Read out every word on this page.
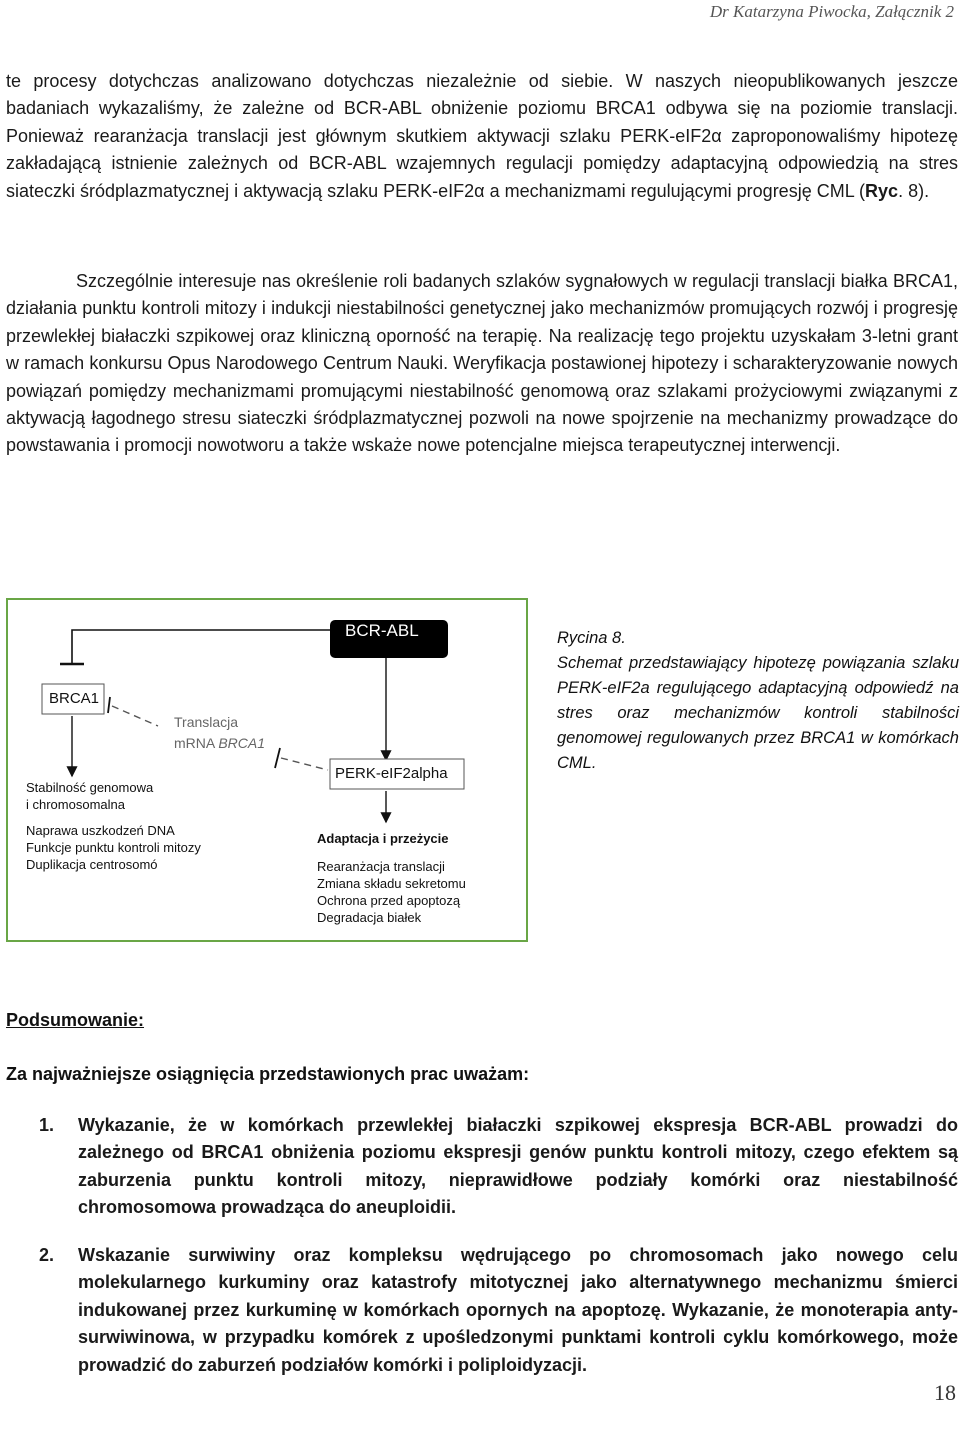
Dr Katarzyna Piwocka, Załącznik 2

te procesy dotychczas analizowano dotychczas niezależnie od siebie. W naszych nieopublikowanych jeszcze badaniach wykazaliśmy, że zależne od BCR-ABL obniżenie poziomu BRCA1 odbywa się na poziomie translacji. Ponieważ rearanżacja translacji jest głównym skutkiem aktywacji szlaku PERK-eIF2α zaproponowaliśmy hipotezę zakładającą istnienie zależnych od BCR-ABL wzajemnych regulacji pomiędzy adaptacyjną odpowiedzią na stres siateczki śródplazmatycznej i aktywacją szlaku PERK-eIF2α a mechanizmami regulującymi progresję CML (Ryc. 8).

Szczególnie interesuje nas określenie roli badanych szlaków sygnałowych w regulacji translacji białka BRCA1, działania punktu kontroli mitozy i indukcji niestabilności genetycznej jako mechanizmów promujących rozwój i progresję przewlekłej białaczki szpikowej oraz kliniczną oporność na terapię. Na realizację tego projektu uzyskałam 3-letni grant w ramach konkursu Opus Narodowego Centrum Nauki. Weryfikacja postawionej hipotezy i scharakteryzowanie nowych powiązań pomiędzy mechanizmami promującymi niestabilność genomową oraz szlakami prożyciowymi związanymi z aktywacją łagodnego stresu siateczki śródplazmatycznej pozwoli na nowe spojrzenie na mechanizmy prowadzące do powstawania i promocji nowotworu a także wskaże nowe potencjalne miejsca terapeutycznej interwencji.

BCR-ABL
BRCA1
Translacja
mRNA BRCA1
PERK-eIF2alpha
Stabilność genomowa
i chromosomalna
Naprawa uszkodzeń DNA
Funkcje punktu kontroli mitozy
Duplikacja centrosomó
Adaptacja i przeżycie
Rearanżacja translacji
Zmiana składu sekretomu
Ochrona przed apoptozą
Degradacja białek
Rycina 8.
Schemat przedstawiający hipotezę powiązania szlaku PERK-eIF2a regulującego adaptacyjną odpowiedź na stres oraz mechanizmów kontroli stabilności genomowej regulowanych przez BRCA1 w komórkach CML.
Podsumowanie:
Za najważniejsze osiągnięcia przedstawionych prac uważam:
1. Wykazanie, że w komórkach przewlekłej białaczki szpikowej ekspresja BCR-ABL prowadzi do zależnego od BRCA1 obniżenia poziomu ekspresji genów punktu kontroli mitozy, czego efektem są zaburzenia punktu kontroli mitozy, nieprawidłowe podziały komórki oraz niestabilność chromosomowa prowadząca do aneuploidii.
2. Wskazanie surwiwiny oraz kompleksu wędrującego po chromosomach jako nowego celu molekularnego kurkuminy oraz katastrofy mitotycznej jako alternatywnego mechanizmu śmierci indukowanej przez kurkuminę w komórkach opornych na apoptozę. Wykazanie, że monoterapia anty-surwiwinowa, w przypadku komórek z upośledzonymi punktami kontroli cyklu komórkowego, może prowadzić do zaburzeń podziałów komórki i poliploidyzacji.
18
